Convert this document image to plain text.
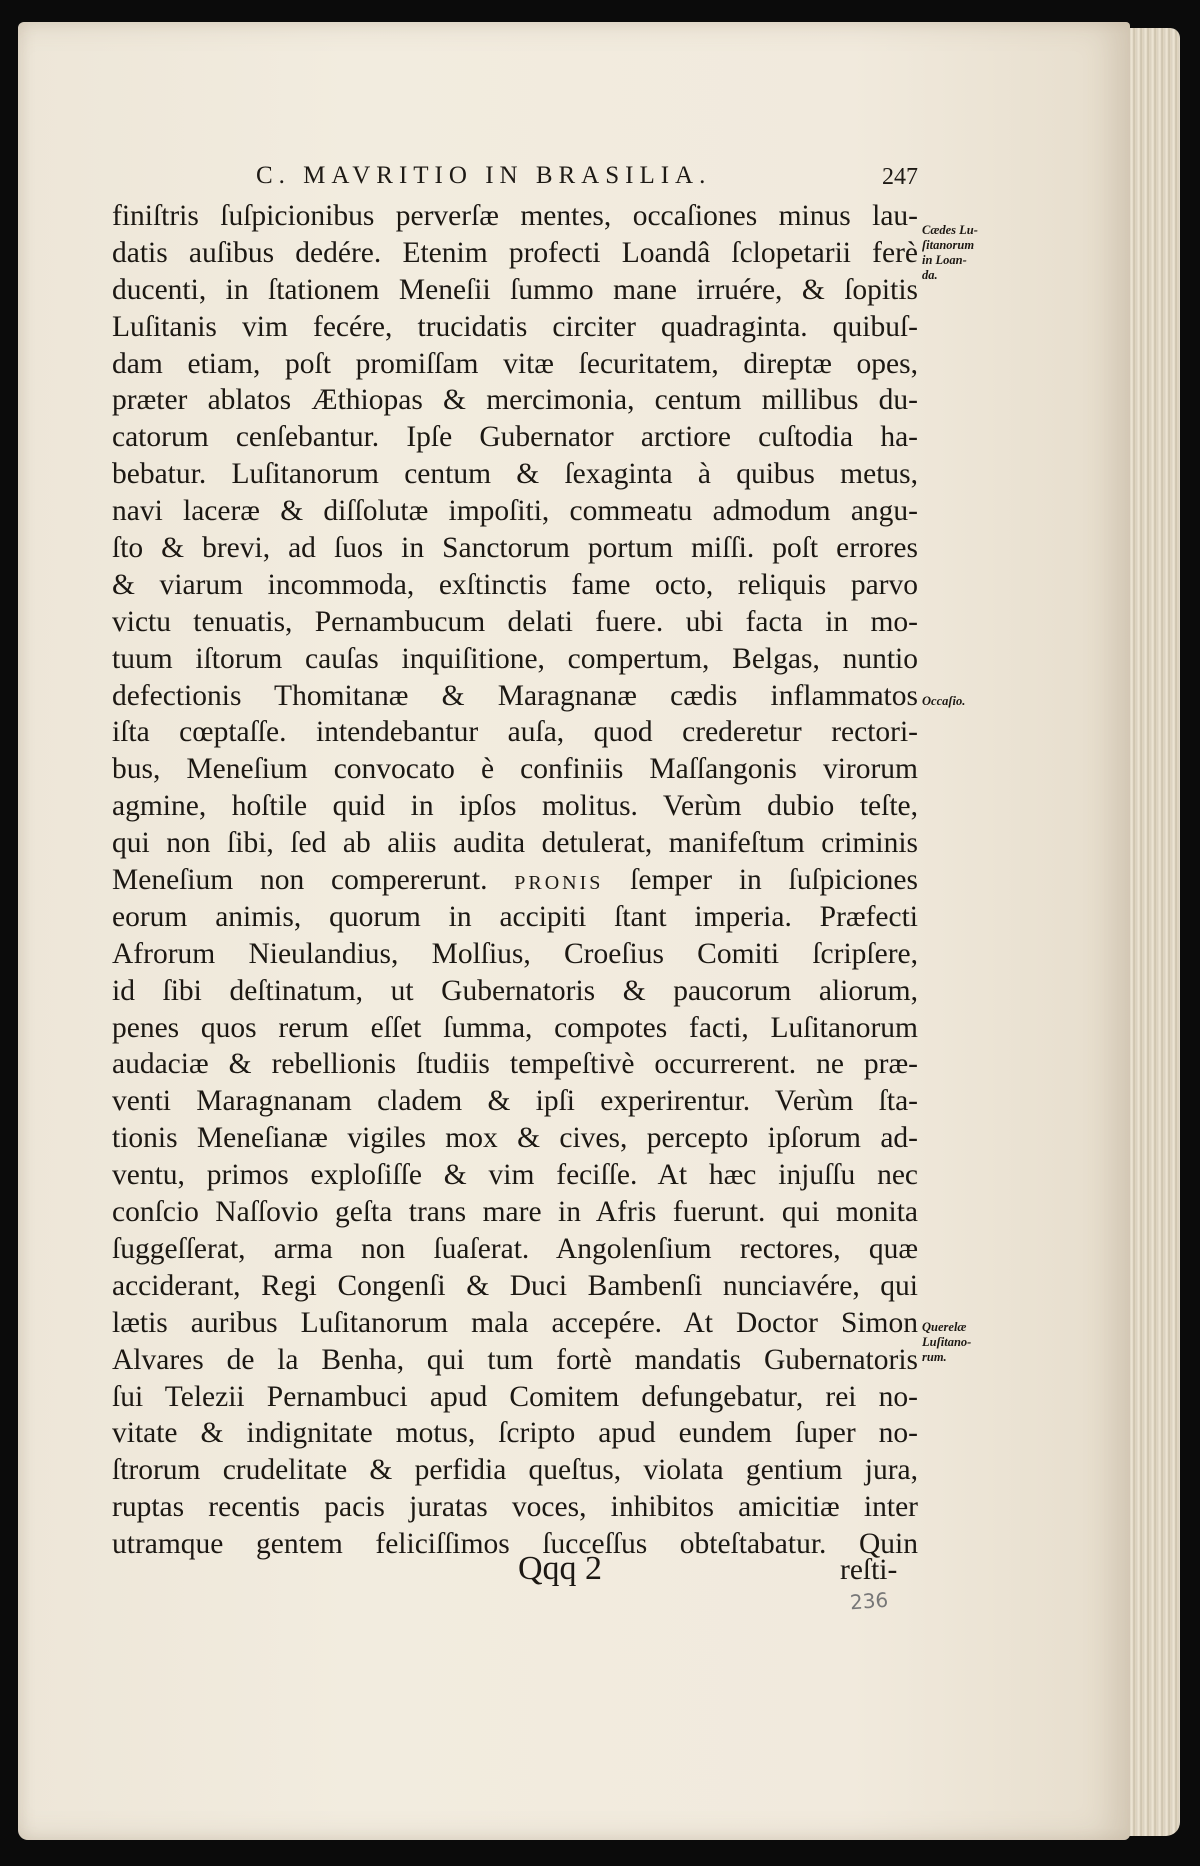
C. MAVRITIO IN BRASILIA.	247
finiſtris ſuſpicionibus perverſæ mentes, occaſiones minus lau-
datis auſibus dedére. Etenim profecti Loandâ ſclopetarii ferè
ducenti, in ſtationem Meneſii ſummo mane irruére, & ſopitis
Luſitanis vim fecére, trucidatis circiter quadraginta. quibuſ-
dam etiam, poſt promiſſam vitæ ſecuritatem, direptæ opes,
præter ablatos Æthiopas & mercimonia, centum millibus du-
catorum cenſebantur. Ipſe Gubernator arctiore cuſtodia ha-
bebatur. Luſitanorum centum & ſexaginta à quibus metus,
navi laceræ & diſſolutæ impoſiti, commeatu admodum angu-
ſto & brevi, ad ſuos in Sanctorum portum miſſi. poſt errores
& viarum incommoda, exſtinctis fame octo, reliquis parvo
victu tenuatis, Pernambucum delati fuere. ubi facta in mo-
tuum iſtorum cauſas inquiſitione, compertum, Belgas, nuntio
defectionis Thomitanæ & Maragnanæ cædis inflammatos
iſta cœptaſſe. intendebantur auſa, quod crederetur rectori-
bus, Meneſium convocato è confiniis Maſſangonis virorum
agmine, hoſtile quid in ipſos molitus. Verùm dubio teſte,
qui non ſibi, ſed ab aliis audita detulerat, manifeſtum criminis
Meneſium non compererunt. PRONIS ſemper in ſuſpiciones
eorum animis, quorum in accipiti ſtant imperia. Præfecti
Afrorum Nieulandius, Molſius, Croeſius Comiti ſcripſere,
id ſibi deſtinatum, ut Gubernatoris & paucorum aliorum,
penes quos rerum eſſet ſumma, compotes facti, Luſitanorum
audaciæ & rebellionis ſtudiis tempeſtivè occurrerent. ne præ-
venti Maragnanam cladem & ipſi experirentur. Verùm ſta-
tionis Meneſianæ vigiles mox & cives, percepto ipſorum ad-
ventu, primos exploſiſſe & vim feciſſe. At hæc injuſſu nec
conſcio Naſſovio geſta trans mare in Afris fuerunt. qui monita
ſuggeſſerat, arma non ſuaſerat. Angolenſium rectores, quæ
acciderant, Regi Congenſi & Duci Bambenſi nunciavére, qui
lætis auribus Luſitanorum mala accepére. At Doctor Simon
Alvares de la Benha, qui tum fortè mandatis Gubernatoris
ſui Telezii Pernambuci apud Comitem defungebatur, rei no-
vitate & indignitate motus, ſcripto apud eundem ſuper no-
ſtrorum crudelitate & perfidia queſtus, violata gentium jura,
ruptas recentis pacis juratas voces, inhibitos amicitiæ inter
utramque gentem feliciſſimos ſucceſſus obteſtabatur. Quin
Cædes Lu-
ſitanorum
in Loan-
da.
Occaſio.
Querelæ
Luſitano-
rum.
Qqq 2	reſti-
236
